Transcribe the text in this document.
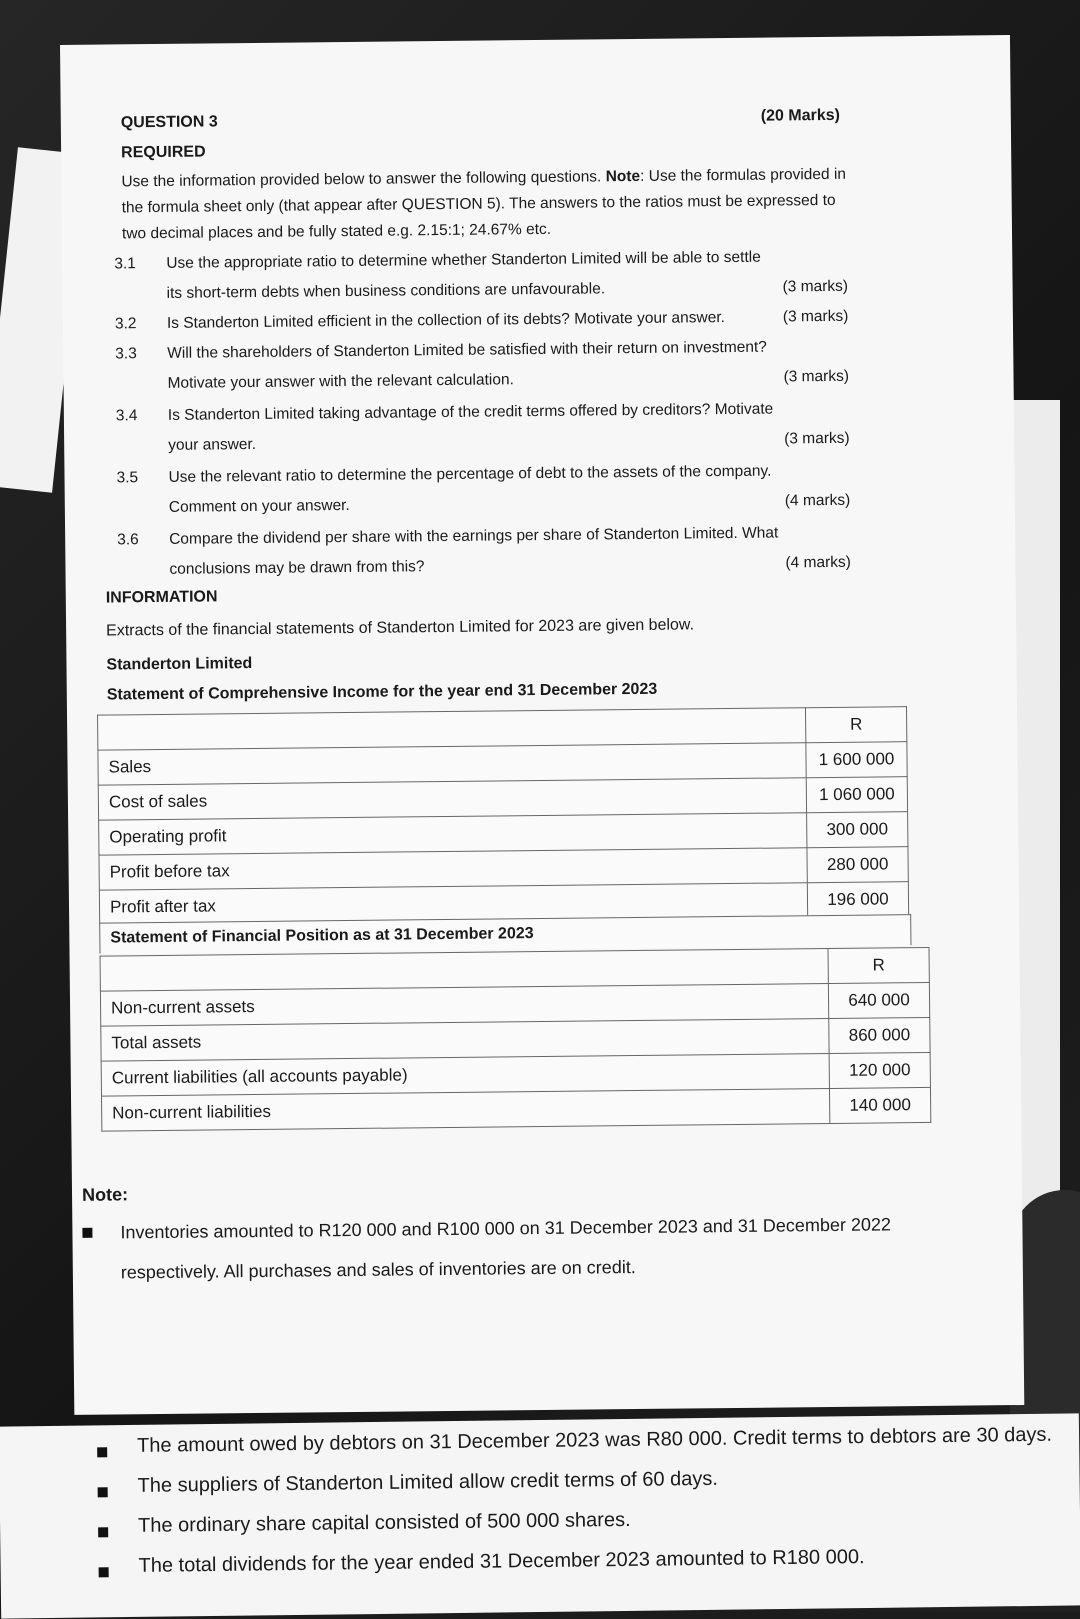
QUESTION 3	(20 Marks)
REQUIRED
Use the information provided below to answer the following questions. Note: Use the formulas provided in the formula sheet only (that appear after QUESTION 5). The answers to the ratios must be expressed to two decimal places and be fully stated e.g. 2.15:1; 24.67% etc.
3.1 Use the appropriate ratio to determine whether Standerton Limited will be able to settle
its short-term debts when business conditions are unfavourable.	(3 marks)
3.2 Is Standerton Limited efficient in the collection of its debts? Motivate your answer.	(3 marks)
3.3 Will the shareholders of Standerton Limited be satisfied with their return on investment?
Motivate your answer with the relevant calculation.	(3 marks)
3.4 Is Standerton Limited taking advantage of the credit terms offered by creditors? Motivate
your answer.	(3 marks)
3.5 Use the relevant ratio to determine the percentage of debt to the assets of the company.
Comment on your answer.	(4 marks)
3.6 Compare the dividend per share with the earnings per share of Standerton Limited. What
conclusions may be drawn from this?	(4 marks)
INFORMATION
Extracts of the financial statements of Standerton Limited for 2023 are given below.
Standerton Limited
Statement of Comprehensive Income for the year end 31 December 2023
	R
Sales	1 600 000
Cost of sales	1 060 000
Operating profit	300 000
Profit before tax	280 000
Profit after tax	196 000
Statement of Financial Position as at 31 December 2023
	R
Non-current assets	640 000
Total assets	860 000
Current liabilities (all accounts payable)	120 000
Non-current liabilities	140 000
Note:
Inventories amounted to R120 000 and R100 000 on 31 December 2023 and 31 December 2022 respectively. All purchases and sales of inventories are on credit.
The amount owed by debtors on 31 December 2023 was R80 000. Credit terms to debtors are 30 days.
The suppliers of Standerton Limited allow credit terms of 60 days.
The ordinary share capital consisted of 500 000 shares.
The total dividends for the year ended 31 December 2023 amounted to R180 000.
